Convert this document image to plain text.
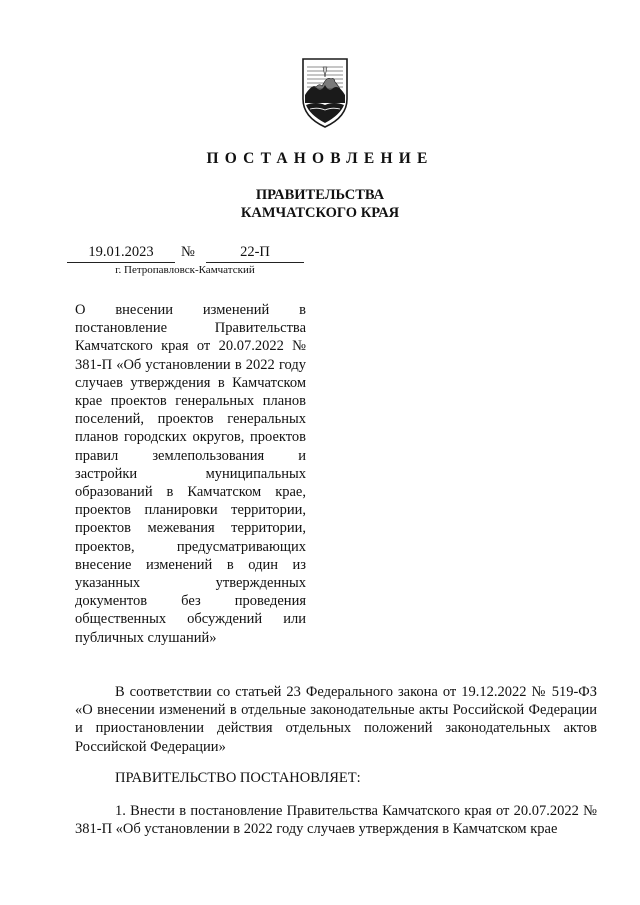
ПОСТАНОВЛЕНИЕ
ПРАВИТЕЛЬСТВА
КАМЧАТСКОГО КРАЯ
19.01.2023	№	22-П
г. Петропавловск-Камчатский

О внесении изменений в постановление Правительства Камчатского края от 20.07.2022 № 381-П «Об установлении в 2022 году случаев утверждения в Камчатском крае проектов генеральных планов поселений, проектов генеральных планов городских округов, проектов правил землепользования и застройки муниципальных образований в Камчатском крае, проектов планировки территории, проектов межевания территории, проектов, предусматривающих внесение изменений в один из указанных утвержденных документов без проведения общественных обсуждений или публичных слушаний»

В соответствии со статьей 23 Федерального закона от 19.12.2022 № 519-ФЗ «О внесении изменений в отдельные законодательные акты Российской Федерации и приостановлении действия отдельных положений законодательных актов Российской Федерации»

ПРАВИТЕЛЬСТВО ПОСТАНОВЛЯЕТ:

1. Внести в постановление Правительства Камчатского края от 20.07.2022 № 381-П «Об установлении в 2022 году случаев утверждения в Камчатском крае
